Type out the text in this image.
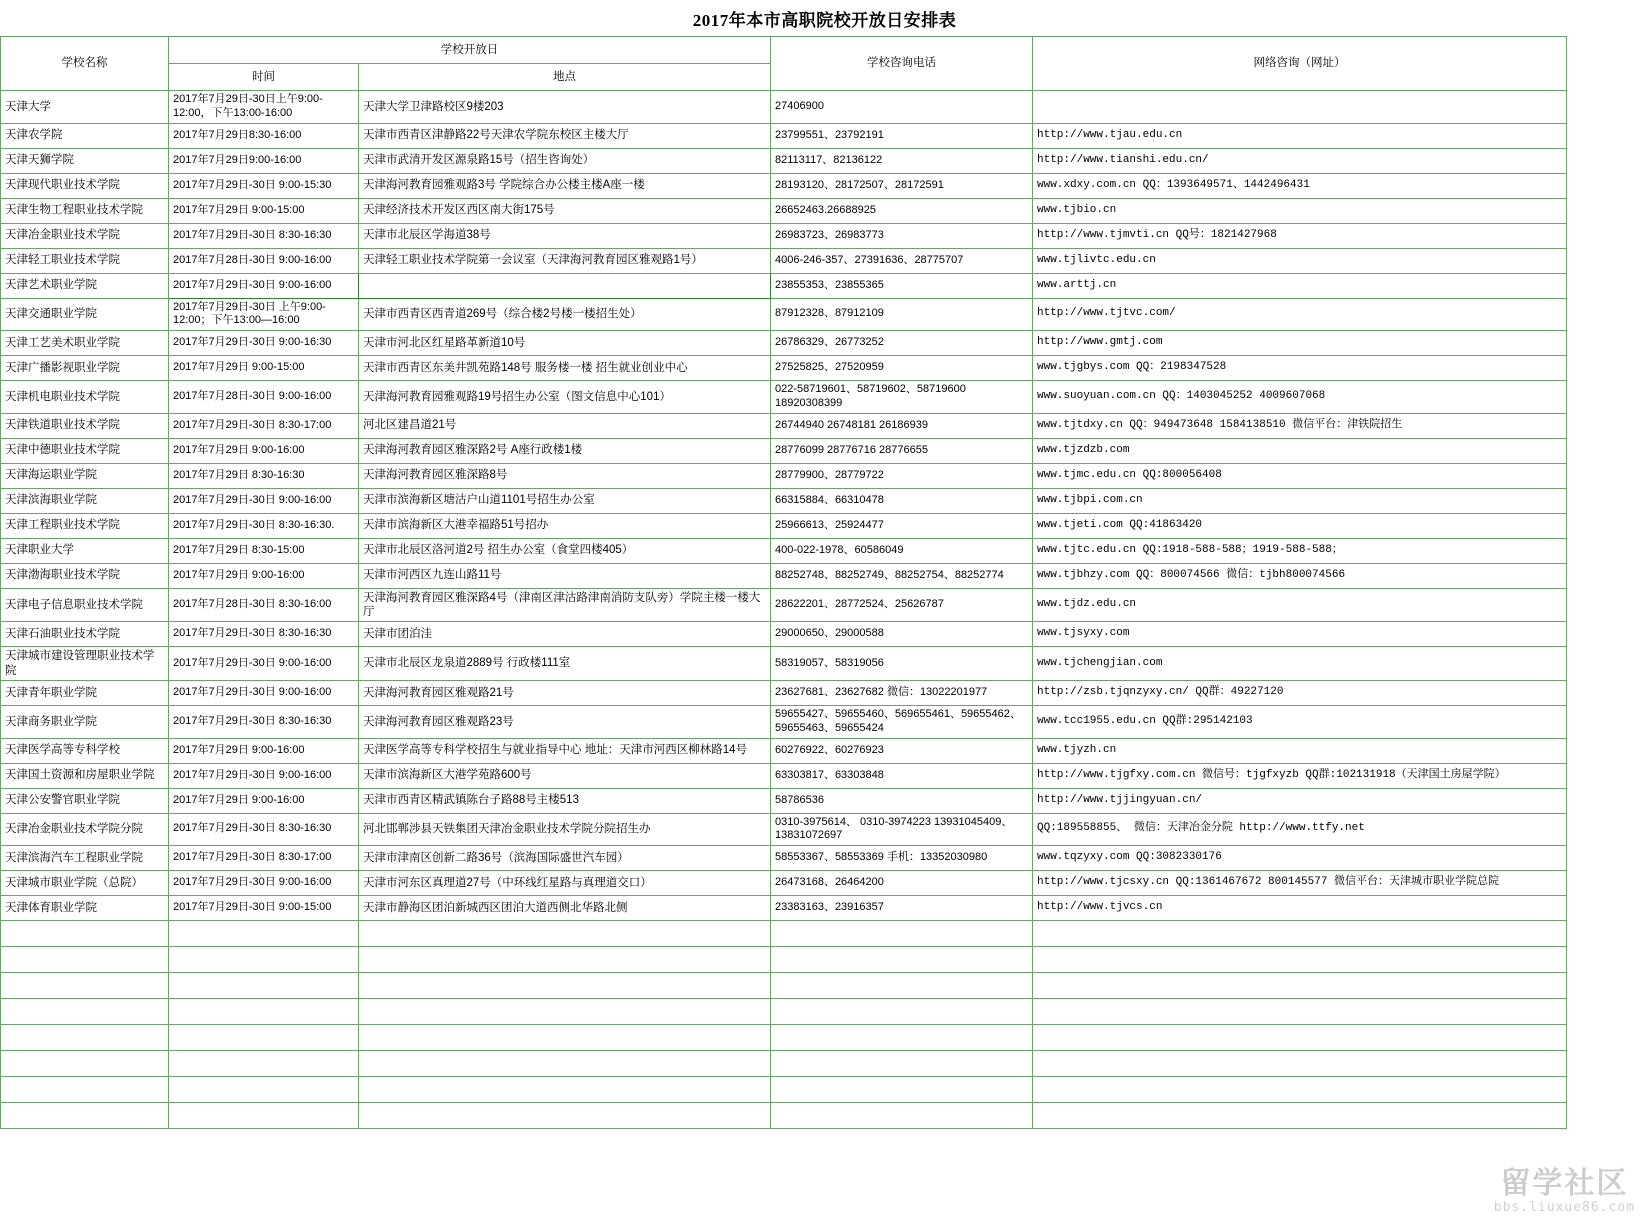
2017年本市高职院校开放日安排表
学校名称	学校开放日		学校咨询电话	网络咨询（网址）
	时间	地点		
天津大学	2017年7月29日-30日上午9:00-12:00，下午13:00-16:00	天津大学卫津路校区9楼203	27406900	
天津农学院	2017年7月29日8:30-16:00	天津市西青区津静路22号天津农学院东校区主楼大厅	23799551、23792191	http://www.tjau.edu.cn
天津天狮学院	2017年7月29日9:00-16:00	天津市武清开发区源泉路15号（招生咨询处）	82113117、82136122	http://www.tianshi.edu.cn/
天津现代职业技术学院	2017年7月29日-30日 9:00-15:30	天津海河教育园雅观路3号 学院综合办公楼主楼A座一楼	28193120、28172507、28172591	www.xdxy.com.cn QQ：1393649571、1442496431
天津生物工程职业技术学院	2017年7月29日 9:00-15:00	天津经济技术开发区西区南大街175号	26652463.26688925	www.tjbio.cn
天津冶金职业技术学院	2017年7月29日-30日 8:30-16:30	天津市北辰区学海道38号	26983723、26983773	http://www.tjmvti.cn QQ号：1821427968
天津轻工职业技术学院	2017年7月28日-30日 9:00-16:00	天津轻工职业技术学院第一会议室（天津海河教育园区雅观路1号）	4006-246-357、27391636、28775707	www.tjlivtc.edu.cn
天津艺术职业学院	2017年7月29日-30日 9:00-16:00		23855353、23855365	www.arttj.cn
天津交通职业学院	2017年7月29日-30日 上午9:00-12:00；下午13:00—16:00	天津市西青区西青道269号（综合楼2号楼一楼招生处）	87912328、87912109	http://www.tjtvc.com/
天津工艺美术职业学院	2017年7月29日-30日 9:00-16:30	天津市河北区红星路革新道10号	26786329、26773252	http://www.gmtj.com
天津广播影视职业学院	2017年7月29日 9:00-15:00	天津市西青区东美井凯苑路148号 服务楼一楼 招生就业创业中心	27525825、27520959	www.tjgbys.com QQ：2198347528
天津机电职业技术学院	2017年7月28日-30日 9:00-16:00	天津海河教育园雅观路19号招生办公室（图文信息中心101）	022-58719601、58719602、58719600 18920308399	www.suoyuan.com.cn QQ：1403045252 4009607068
天津铁道职业技术学院	2017年7月29日-30日 8:30-17:00	河北区建昌道21号	26744940 26748181 26186939	www.tjtdxy.cn QQ：949473648 1584138510 微信平台：津铁院招生
天津中德职业技术学院	2017年7月29日 9:00-16:00	天津海河教育园区雅深路2号 A座行政楼1楼	28776099 28776716 28776655	www.tjzdzb.com
天津海运职业学院	2017年7月29日 8:30-16:30	天津海河教育园区雅深路8号	28779900、28779722	www.tjmc.edu.cn QQ:800056408
天津滨海职业学院	2017年7月29日-30日 9:00-16:00	天津市滨海新区塘沽户山道1101号招生办公室	66315884、66310478	www.tjbpi.com.cn
天津工程职业技术学院	2017年7月29日-30日 8:30-16:30.	天津市滨海新区大港幸福路51号招办	25966613、25924477	www.tjeti.com QQ:41863420
天津职业大学	2017年7月29日 8:30-15:00	天津市北辰区洛河道2号 招生办公室（食堂四楼405）	400-022-1978、60586049	www.tjtc.edu.cn QQ:1918-588-588；1919-588-588；
天津渤海职业技术学院	2017年7月29日 9:00-16:00	天津市河西区九连山路11号	88252748、88252749、88252754、88252774	www.tjbhzy.com QQ：800074566 微信：tjbh800074566
天津电子信息职业技术学院	2017年7月28日-30日 8:30-16:00	天津海河教育园区雅深路4号（津南区津沽路津南消防支队旁）学院主楼一楼大厅	28622201、28772524、25626787	www.tjdz.edu.cn
天津石油职业技术学院	2017年7月29日-30日 8:30-16:30	天津市团泊洼	29000650、29000588	www.tjsyxy.com
天津城市建设管理职业技术学院	2017年7月29日-30日 9:00-16:00	天津市北辰区龙泉道2889号 行政楼111室	58319057、58319056	www.tjchengjian.com
天津青年职业学院	2017年7月29日-30日 9:00-16:00	天津海河教育园区雅观路21号	23627681、23627682 微信：13022201977	http://zsb.tjqnzyxy.cn/ QQ群：49227120
天津商务职业学院	2017年7月29日-30日 8:30-16:30	天津海河教育园区雅观路23号	59655427、59655460、569655461、59655462、59655463、59655424	www.tcc1955.edu.cn QQ群:295142103
天津医学高等专科学校	2017年7月29日 9:00-16:00	天津医学高等专科学校招生与就业指导中心 地址：天津市河西区柳林路14号	60276922、60276923	www.tjyzh.cn
天津国土资源和房屋职业学院	2017年7月29日-30日 9:00-16:00	天津市滨海新区大港学苑路600号	63303817、63303848	http://www.tjgfxy.com.cn 微信号：tjgfxyzb QQ群:102131918（天津国土房屋学院）
天津公安警官职业学院	2017年7月29日 9:00-16:00	天津市西青区精武镇陈台子路88号主楼513	58786536	http://www.tjjingyuan.cn/
天津冶金职业技术学院分院	2017年7月29日-30日 8:30-16:30	河北邯郸涉县天铁集团天津冶金职业技术学院分院招生办	0310-3975614、 0310-3974223 13931045409、 13831072697	QQ:189558855、 微信：天津冶金分院 http://www.ttfy.net
天津滨海汽车工程职业学院	2017年7月29日-30日 8:30-17:00	天津市津南区创新二路36号（滨海国际盛世汽车园）	58553367、58553369 手机：13352030980	www.tqzyxy.com QQ:3082330176
天津城市职业学院（总院）	2017年7月29日-30日 9:00-16:00	天津市河东区真理道27号（中环线红星路与真理道交口）	26473168、26464200	http://www.tjcsxy.cn QQ:1361467672 800145577 微信平台：天津城市职业学院总院
天津体育职业学院	2017年7月29日-30日 9:00-15:00	天津市静海区团泊新城西区团泊大道西侧北华路北侧	23383163、23916357	http://www.tjvcs.cn

留学社区
bbs.liuxue86.com
